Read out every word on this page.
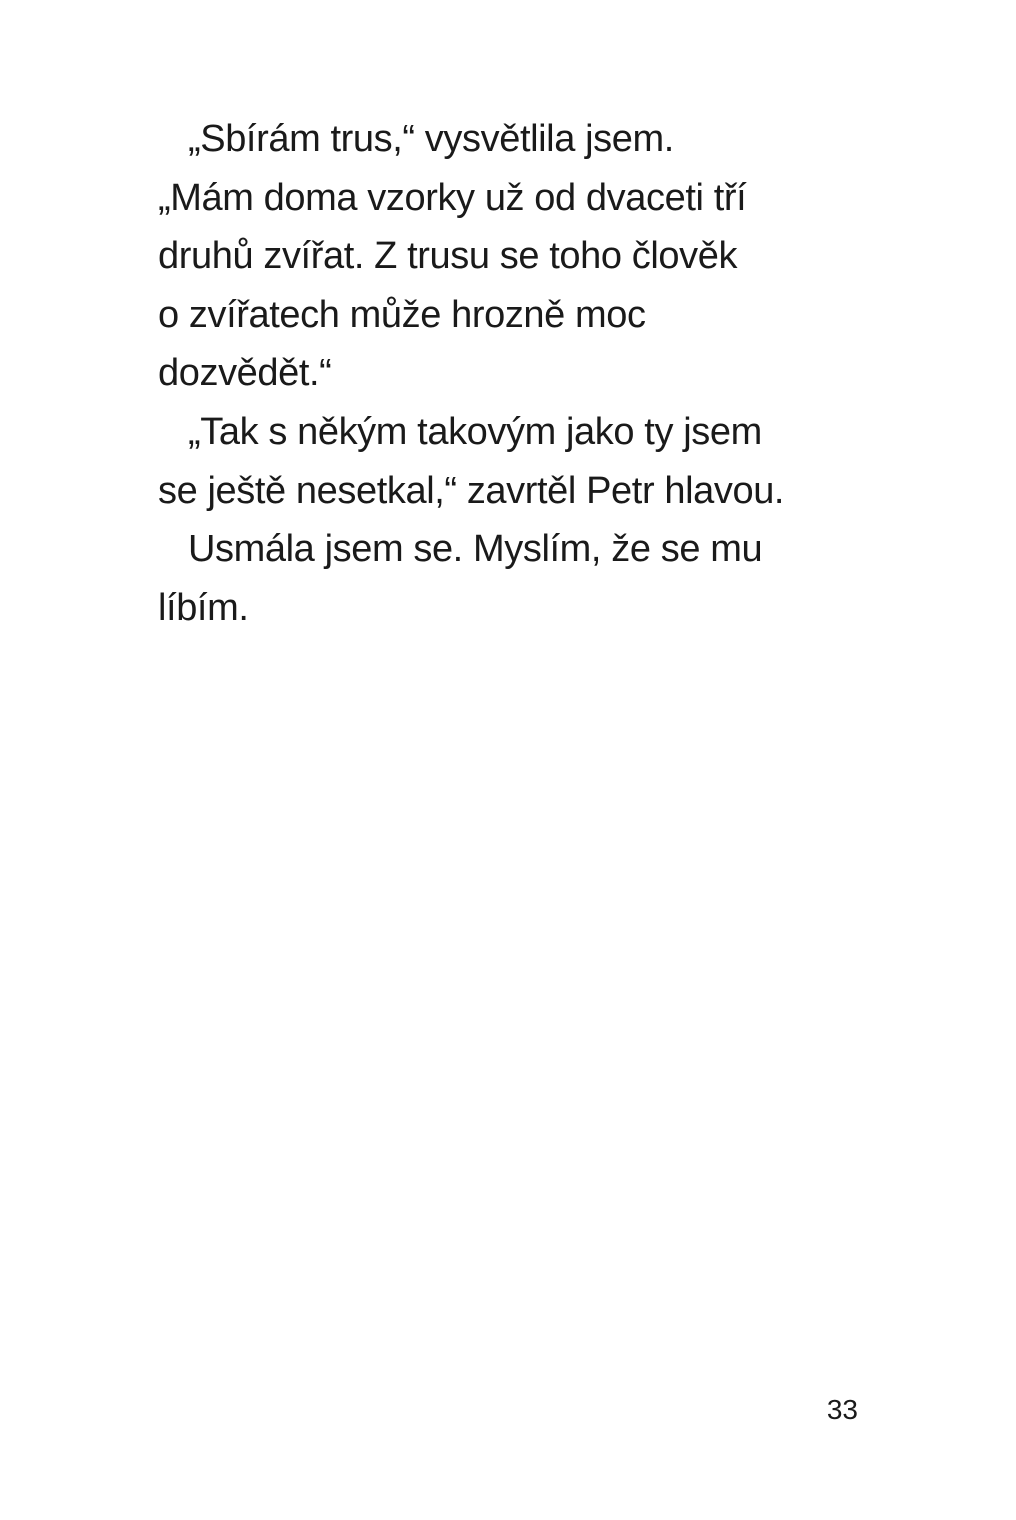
„Sbírám trus,“ vysvětlila jsem.
„Mám doma vzorky už od dvaceti tří
druhů zvířat. Z trusu se toho člověk
o zvířatech může hrozně moc
dozvědět.“
„Tak s někým takovým jako ty jsem
se ještě nesetkal,“ zavrtěl Petr hlavou.
Usmála jsem se. Myslím, že se mu
líbím.
33
